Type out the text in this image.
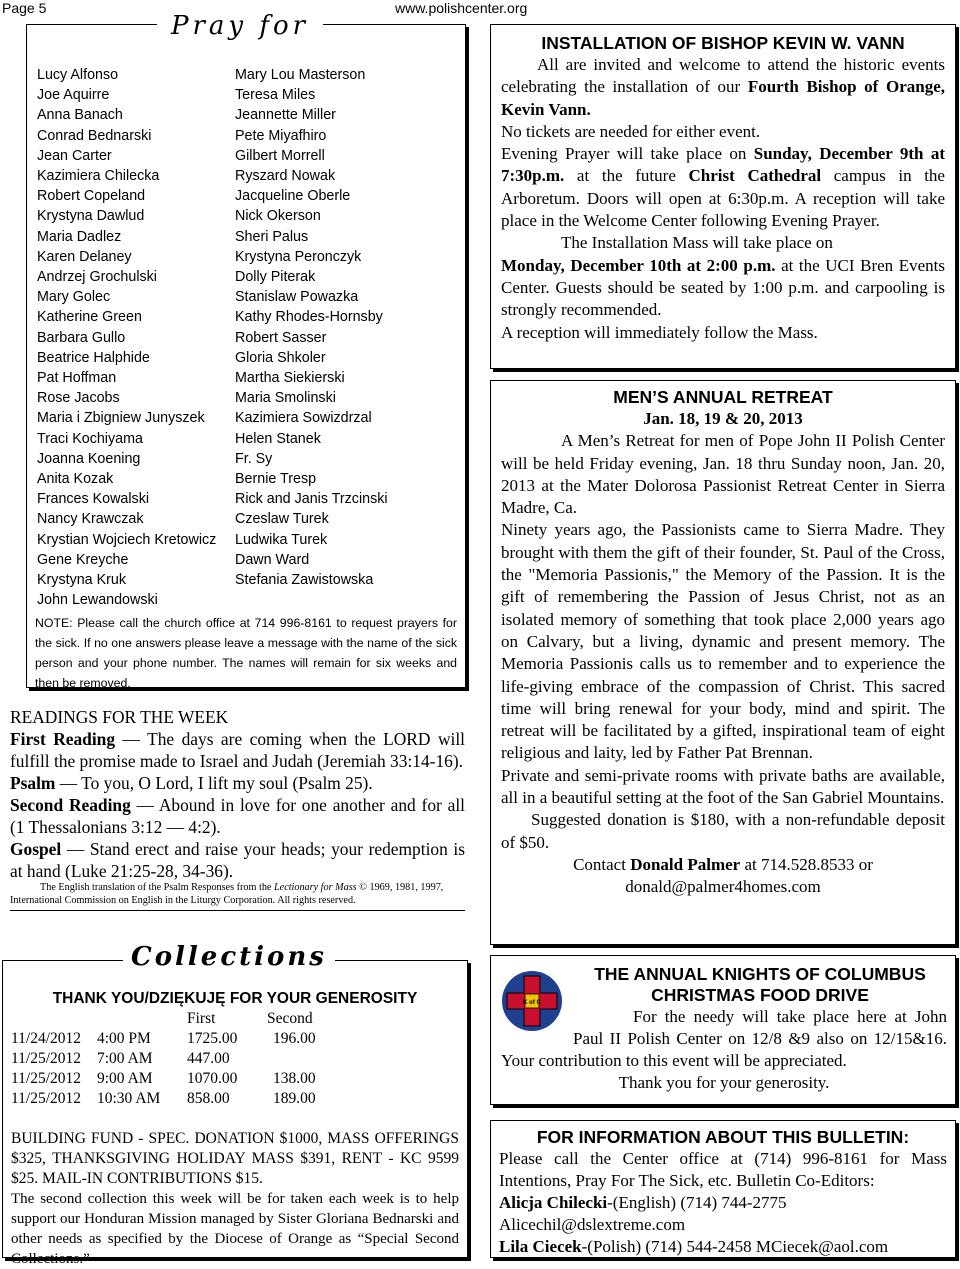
Page 5	www.polishcenter.org
Pray for
Lucy Alfonso
Joe Aquirre
Anna Banach
Conrad Bednarski
Jean Carter
Kazimiera Chilecka
Robert Copeland
Krystyna Dawlud
Maria Dadlez
Karen Delaney
Andrzej Grochulski
Mary Golec
Katherine Green
Barbara Gullo
Beatrice Halphide
Pat Hoffman
Rose Jacobs
Maria i Zbigniew Junyszek
Traci Kochiyama
Joanna Koening
Anita Kozak
Frances Kowalski
Nancy Krawczak
Krystian Wojciech Kretowicz
Gene Kreyche
Krystyna Kruk
John Lewandowski
Mary Lou Masterson
Teresa Miles
Jeannette Miller
Pete Miyafhiro
Gilbert Morrell
Ryszard Nowak
Jacqueline Oberle
Nick Okerson
Sheri Palus
Krystyna Peronczyk
Dolly Piterak
Stanislaw Powazka
Kathy Rhodes-Hornsby
Robert Sasser
Gloria Shkoler
Martha Siekierski
Maria Smolinski
Kazimiera Sowizdrzal
Helen Stanek
Fr. Sy
Bernie Tresp
Rick and Janis Trzcinski
Czeslaw Turek
Ludwika Turek
Dawn Ward
Stefania Zawistowska
NOTE: Please call the church office at 714 996-8161 to request prayers for the sick. If no one answers please leave a message with the name of the sick person and your phone number. The names will remain for six weeks and then be removed.

READINGS FOR THE WEEK

First Reading — The days are coming when the LORD will fulfill the promise made to Israel and Judah (Jeremiah 33:14-16).

Psalm — To you, O Lord, I lift my soul (Psalm 25).

Second Reading — Abound in love for one another and for all (1 Thessalonians 3:12 — 4:2).

Gospel — Stand erect and raise your heads; your redemption is at hand (Luke 21:25-28, 34-36).

The English translation of the Psalm Responses from the Lectionary for Mass © 1969, 1981, 1997, International Commission on English in the Liturgy Corporation. All rights reserved.

Collections
THANK YOU/DZIĘKUJĘ FOR YOUR GENEROSITY
First	Second
11/24/2012 4:00 PM 1725.00 196.00
11/25/2012 7:00 AM 447.00
11/25/2012 9:00 AM 1070.00 138.00
11/25/2012 10:30 AM 858.00	189.00

BUILDING FUND - SPEC. DONATION $1000, MASS OFFERINGS $325, THANKSGIVING HOLIDAY MASS $391, RENT - KC 9599 $25. MAIL-IN CONTRIBUTIONS $15.

The second collection this week will be for taken each week is to help support our Honduran Mission managed by Sister Gloriana Bednarski and other needs as specified by the Diocese of Orange as “Special Second Collections.”

INSTALLATION OF BISHOP KEVIN W. VANN

All are invited and welcome to attend the historic events celebrating the installation of our Fourth Bishop of Orange, Kevin Vann.

No tickets are needed for either event.

Evening Prayer will take place on Sunday, December 9th at 7:30p.m. at the future Christ Cathedral campus in the Arboretum. Doors will open at 6:30p.m. A reception will take place in the Welcome Center following Evening Prayer.

The Installation Mass will take place on

Monday, December 10th at 2:00 p.m. at the UCI Bren Events Center. Guests should be seated by 1:00 p.m. and carpooling is strongly recommended.

A reception will immediately follow the Mass.

MEN’S ANNUAL RETREAT

Jan. 18, 19 & 20, 2013

A Men’s Retreat for men of Pope John II Polish Center will be held Friday evening, Jan. 18 thru Sunday noon, Jan. 20, 2013 at the Mater Dolorosa Passionist Retreat Center in Sierra Madre, Ca.

Ninety years ago, the Passionists came to Sierra Madre. They brought with them the gift of their founder, St. Paul of the Cross, the "Memoria Passionis," the Memory of the Passion. It is the gift of remembering the Passion of Jesus Christ, not as an isolated memory of something that took place 2,000 years ago on Calvary, but a living, dynamic and present memory. The Memoria Passionis calls us to remember and to experience the life-giving embrace of the compassion of Christ. This sacred time will bring renewal for your body, mind and spirit. The retreat will be facilitated by a gifted, inspirational team of eight religious and laity, led by Father Pat Brennan.

Private and semi-private rooms with private baths are available, all in a beautiful setting at the foot of the San Gabriel Mountains.

Suggested donation is $180, with a non-refundable deposit of $50.

Contact Donald Palmer at 714.528.8533 or donald@palmer4homes.com

K of C
THE ANNUAL KNIGHTS OF COLUMBUS CHRISTMAS FOOD DRIVE

For the needy will take place here at John Paul II Polish Center on 12/8 &9 also on 12/15&16. Your contribution to this event will be appreciated.

Thank you for your generosity.

FOR INFORMATION ABOUT THIS BULLETIN:

Please call the Center office at (714) 996-8161 for Mass Intentions, Pray For The Sick, etc. Bulletin Co-Editors:

Alicja Chilecki-(English) (714) 744-2775 Alicechil@dslextreme.com

Lila Ciecek-(Polish) (714) 544-2458 MCiecek@aol.com
